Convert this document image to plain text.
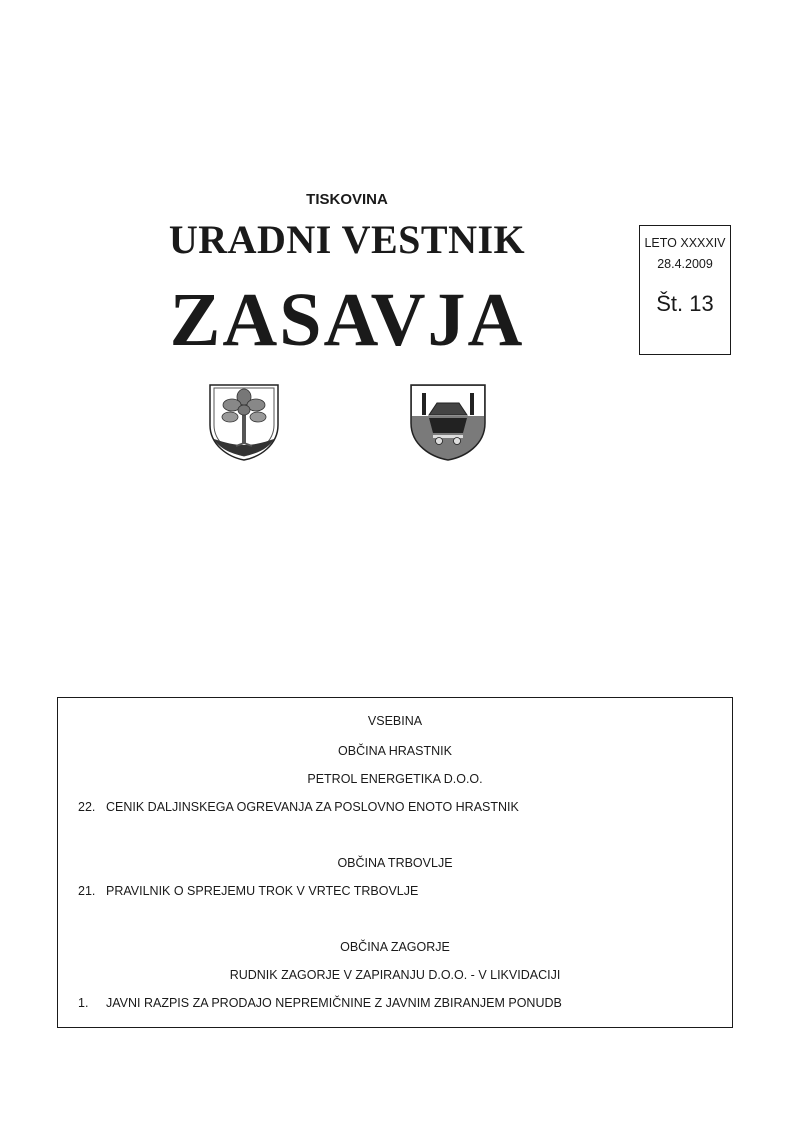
TISKOVINA
URADNI VESTNIK
ZASAVJA
LETO XXXXIV
28.4.2009
Št. 13
VSEBINA
OBČINA HRASTNIK
PETROL ENERGETIKA D.O.O.
22. CENIK DALJINSKEGA OGREVANJA ZA POSLOVNO ENOTO HRASTNIK
OBČINA TRBOVLJE
21. PRAVILNIK O SPREJEMU TROK V VRTEC TRBOVLJE
OBČINA ZAGORJE
RUDNIK ZAGORJE V ZAPIRANJU D.O.O. - V LIKVIDACIJI
1. JAVNI RAZPIS ZA PRODAJO NEPREMIČNINE Z JAVNIM ZBIRANJEM PONUDB
